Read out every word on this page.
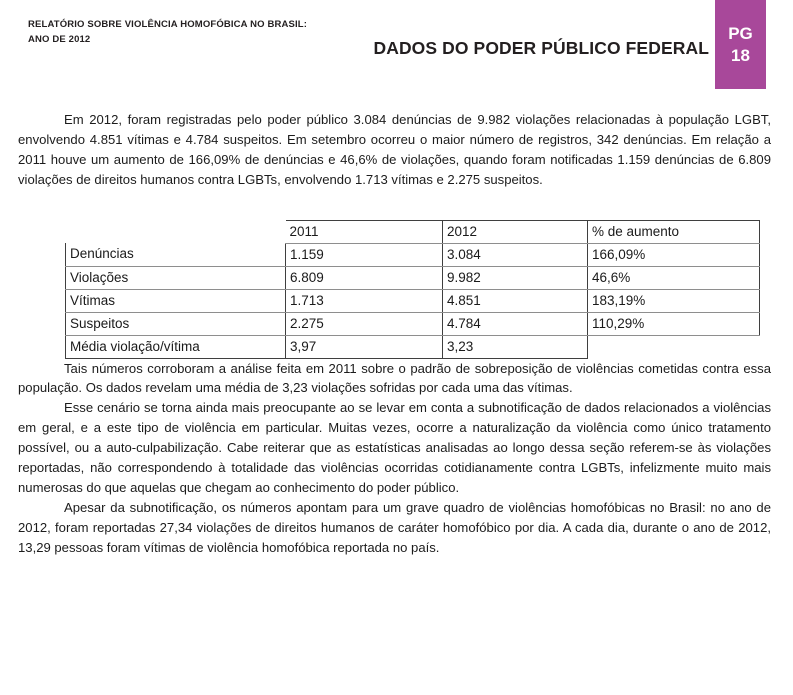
RELATÓRIO SOBRE VIOLÊNCIA HOMOFÓBICA NO BRASIL:
ANO DE 2012	DADOS DO PODER PÚBLICO FEDERAL
PG
18

Em 2012, foram registradas pelo poder público 3.084 denúncias de 9.982 violações relacionadas à população LGBT, envolvendo 4.851 vítimas e 4.784 suspeitos. Em setembro ocorreu o maior número de registros, 342 denúncias. Em relação a 2011 houve um aumento de 166,09% de denúncias e 46,6% de violações, quando foram notificadas 1.159 denúncias de 6.809 violações de direitos humanos contra LGBTs, envolvendo 1.713 vítimas e 2.275 suspeitos.

	2011	2012	% de aumento
Denúncias	1.159	3.084	166,09%
Violações	6.809	9.982	46,6%
Vítimas	1.713	4.851	183,19%
Suspeitos	2.275	4.784	110,29%
Média violação/vítima	3,97	3,23	

Tais números corroboram a análise feita em 2011 sobre o padrão de sobreposição de violências cometidas contra essa população. Os dados revelam uma média de 3,23 violações sofridas por cada uma das vítimas.

Esse cenário se torna ainda mais preocupante ao se levar em conta a subnotificação de dados relacionados a violências em geral, e a este tipo de violência em particular. Muitas vezes, ocorre a naturalização da violência como único tratamento possível, ou a auto-culpabilização. Cabe reiterar que as estatísticas analisadas ao longo dessa seção referem-se às violações reportadas, não correspondendo à totalidade das violências ocorridas cotidianamente contra LGBTs, infelizmente muito mais numerosas do que aquelas que chegam ao conhecimento do poder público.

Apesar da subnotificação, os números apontam para um grave quadro de violências homofóbicas no Brasil: no ano de 2012, foram reportadas 27,34 violações de direitos humanos de caráter homofóbico por dia. A cada dia, durante o ano de 2012, 13,29 pessoas foram vítimas de violência homofóbica reportada no país.
